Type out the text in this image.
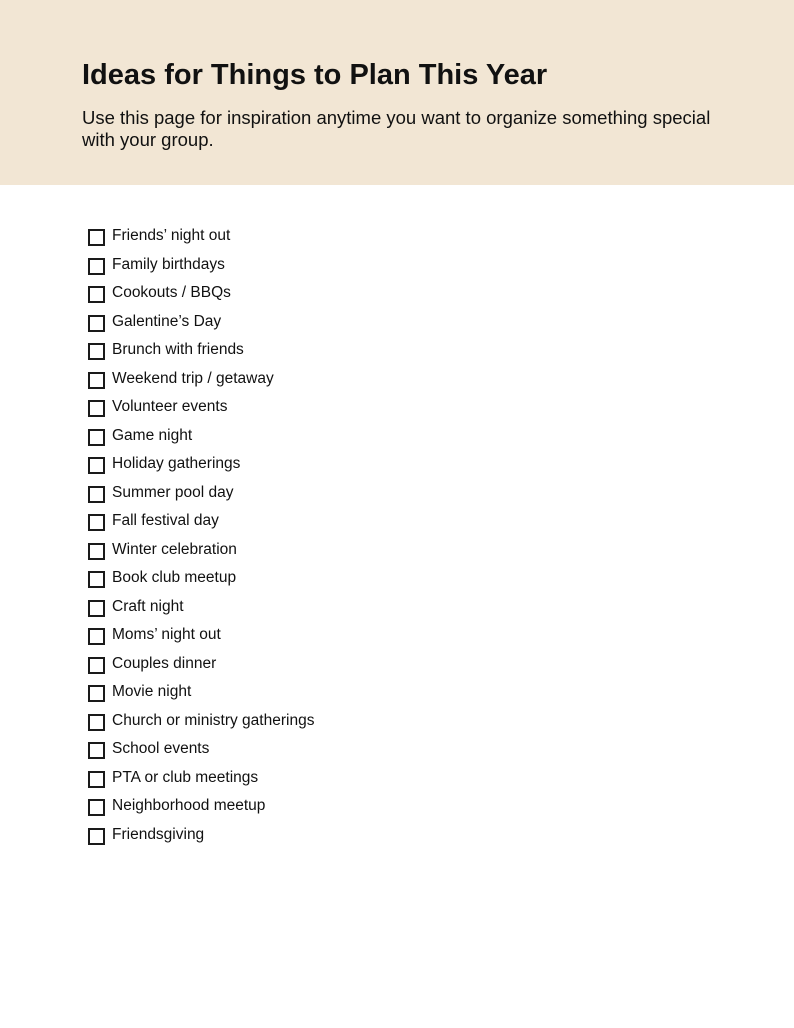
Ideas for Things to Plan This Year

Use this page for inspiration anytime you want to organize something special with your group.

Friends’ night out
Family birthdays
Cookouts / BBQs
Galentine’s Day
Brunch with friends
Weekend trip / getaway
Volunteer events
Game night
Holiday gatherings
Summer pool day
Fall festival day
Winter celebration
Book club meetup
Craft night
Moms’ night out
Couples dinner
Movie night
Church or ministry gatherings
School events
PTA or club meetings
Neighborhood meetup
Friendsgiving
